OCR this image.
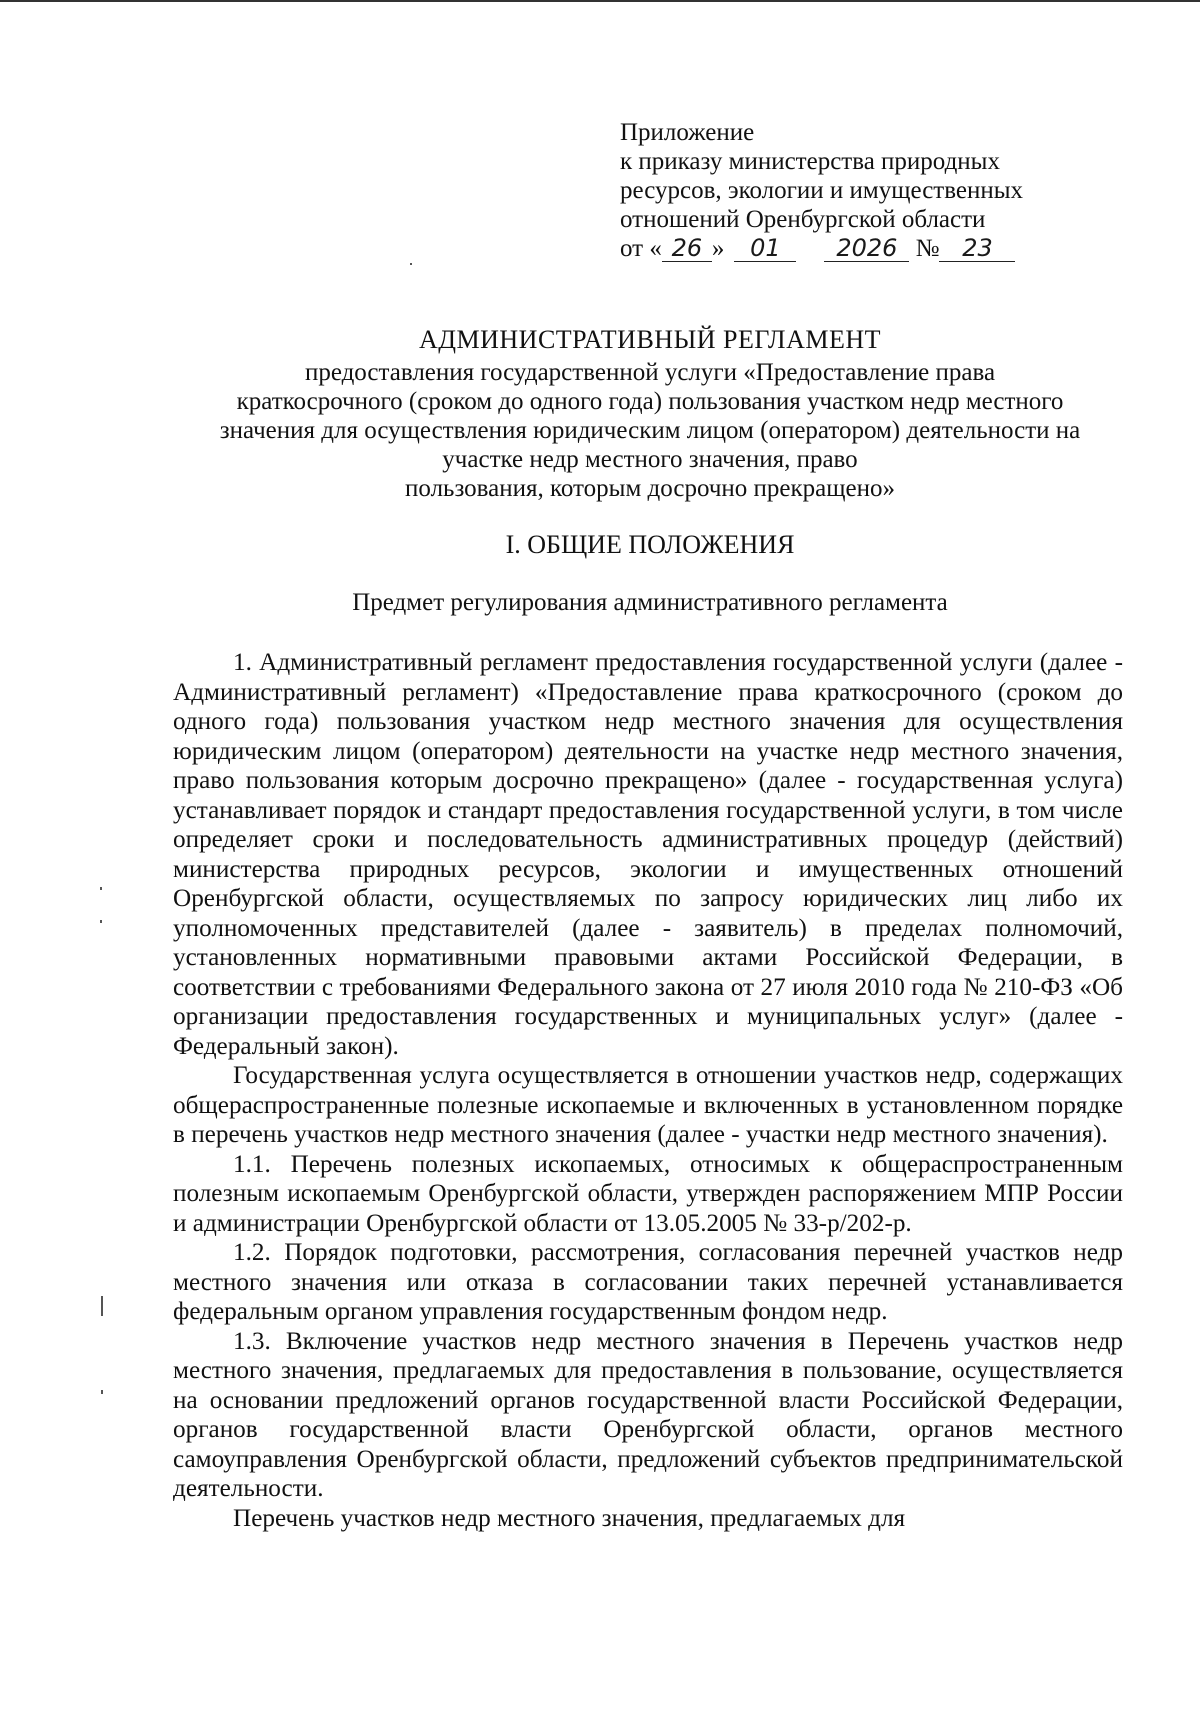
Приложение
к приказу министерства природных
ресурсов, экологии и имущественных
отношений Оренбургской области
от « 26 » 01 2026 № 23
АДМИНИСТРАТИВНЫЙ РЕГЛАМЕНТ
предоставления государственной услуги «Предоставление права
краткосрочного (сроком до одного года) пользования участком недр местного
значения для осуществления юридическим лицом (оператором) деятельности на
участке недр местного значения, право
пользования, которым досрочно прекращено»
I. ОБЩИЕ ПОЛОЖЕНИЯ
Предмет регулирования административного регламента

1. Административный регламент предоставления государственной услуги (далее - Административный регламент) «Предоставление права краткосрочного (сроком до одного года) пользования участком недр местного значения для осуществления юридическим лицом (оператором) деятельности на участке недр местного значения, право пользования которым досрочно прекращено» (далее - государственная услуга) устанавливает порядок и стандарт предоставления государственной услуги, в том числе определяет сроки и последовательность административных процедур (действий) министерства природных ресурсов, экологии и имущественных отношений Оренбургской области, осуществляемых по запросу юридических лиц либо их уполномоченных представителей (далее - заявитель) в пределах полномочий, установленных нормативными правовыми актами Российской Федерации, в соответствии с требованиями Федерального закона от 27 июля 2010 года № 210-ФЗ «Об организации предоставления государственных и муниципальных услуг» (далее - Федеральный закон).

Государственная услуга осуществляется в отношении участков недр, содержащих общераспространенные полезные ископаемые и включенных в установленном порядке в перечень участков недр местного значения (далее - участки недр местного значения).

1.1. Перечень полезных ископаемых, относимых к общераспространенным полезным ископаемым Оренбургской области, утвержден распоряжением МПР России и администрации Оренбургской области от 13.05.2005 № 33-р/202-р.

1.2. Порядок подготовки, рассмотрения, согласования перечней участков недр местного значения или отказа в согласовании таких перечней устанавливается федеральным органом управления государственным фондом недр.

1.3. Включение участков недр местного значения в Перечень участков недр местного значения, предлагаемых для предоставления в пользование, осуществляется на основании предложений органов государственной власти Российской Федерации, органов государственной власти Оренбургской области, органов местного самоуправления Оренбургской области, предложений субъектов предпринимательской деятельности.

Перечень участков недр местного значения, предлагаемых для
